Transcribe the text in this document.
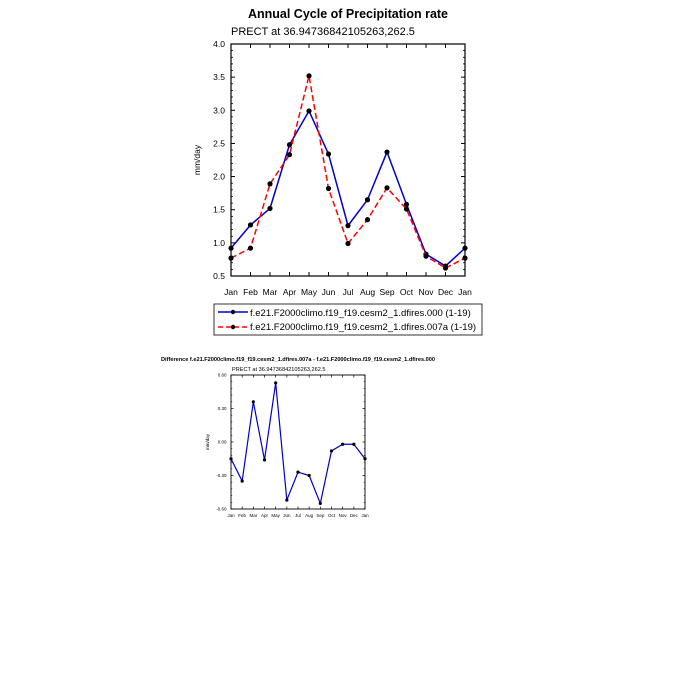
Annual Cycle of Precipitation rate
PRECT at 36.94736842105263,262.5
mm/day
4.0
3.5
3.0
2.5
2.0
1.5
1.0
0.5
Jan Feb Mar Apr May Jun Jul Aug Sep Oct Nov Dec Jan
f.e21.F2000climo.f19_f19.cesm2_1.dfires.000 (1-19)
f.e21.F2000climo.f19_f19.cesm2_1.dfires.007a (1-19)
Difference f.e21.F2000climo.f19_f19.cesm2_1.dfires.007a - f.e21.F2000climo.f19_f19.cesm2_1.dfires.000
PRECT at 36.94736842105263,262.5
mm/day
0.60
0.30
0.00
-0.30
-0.60
Jan Feb Mar Apr May Jun Jul Aug Sep Oct Nov Dec Jan
